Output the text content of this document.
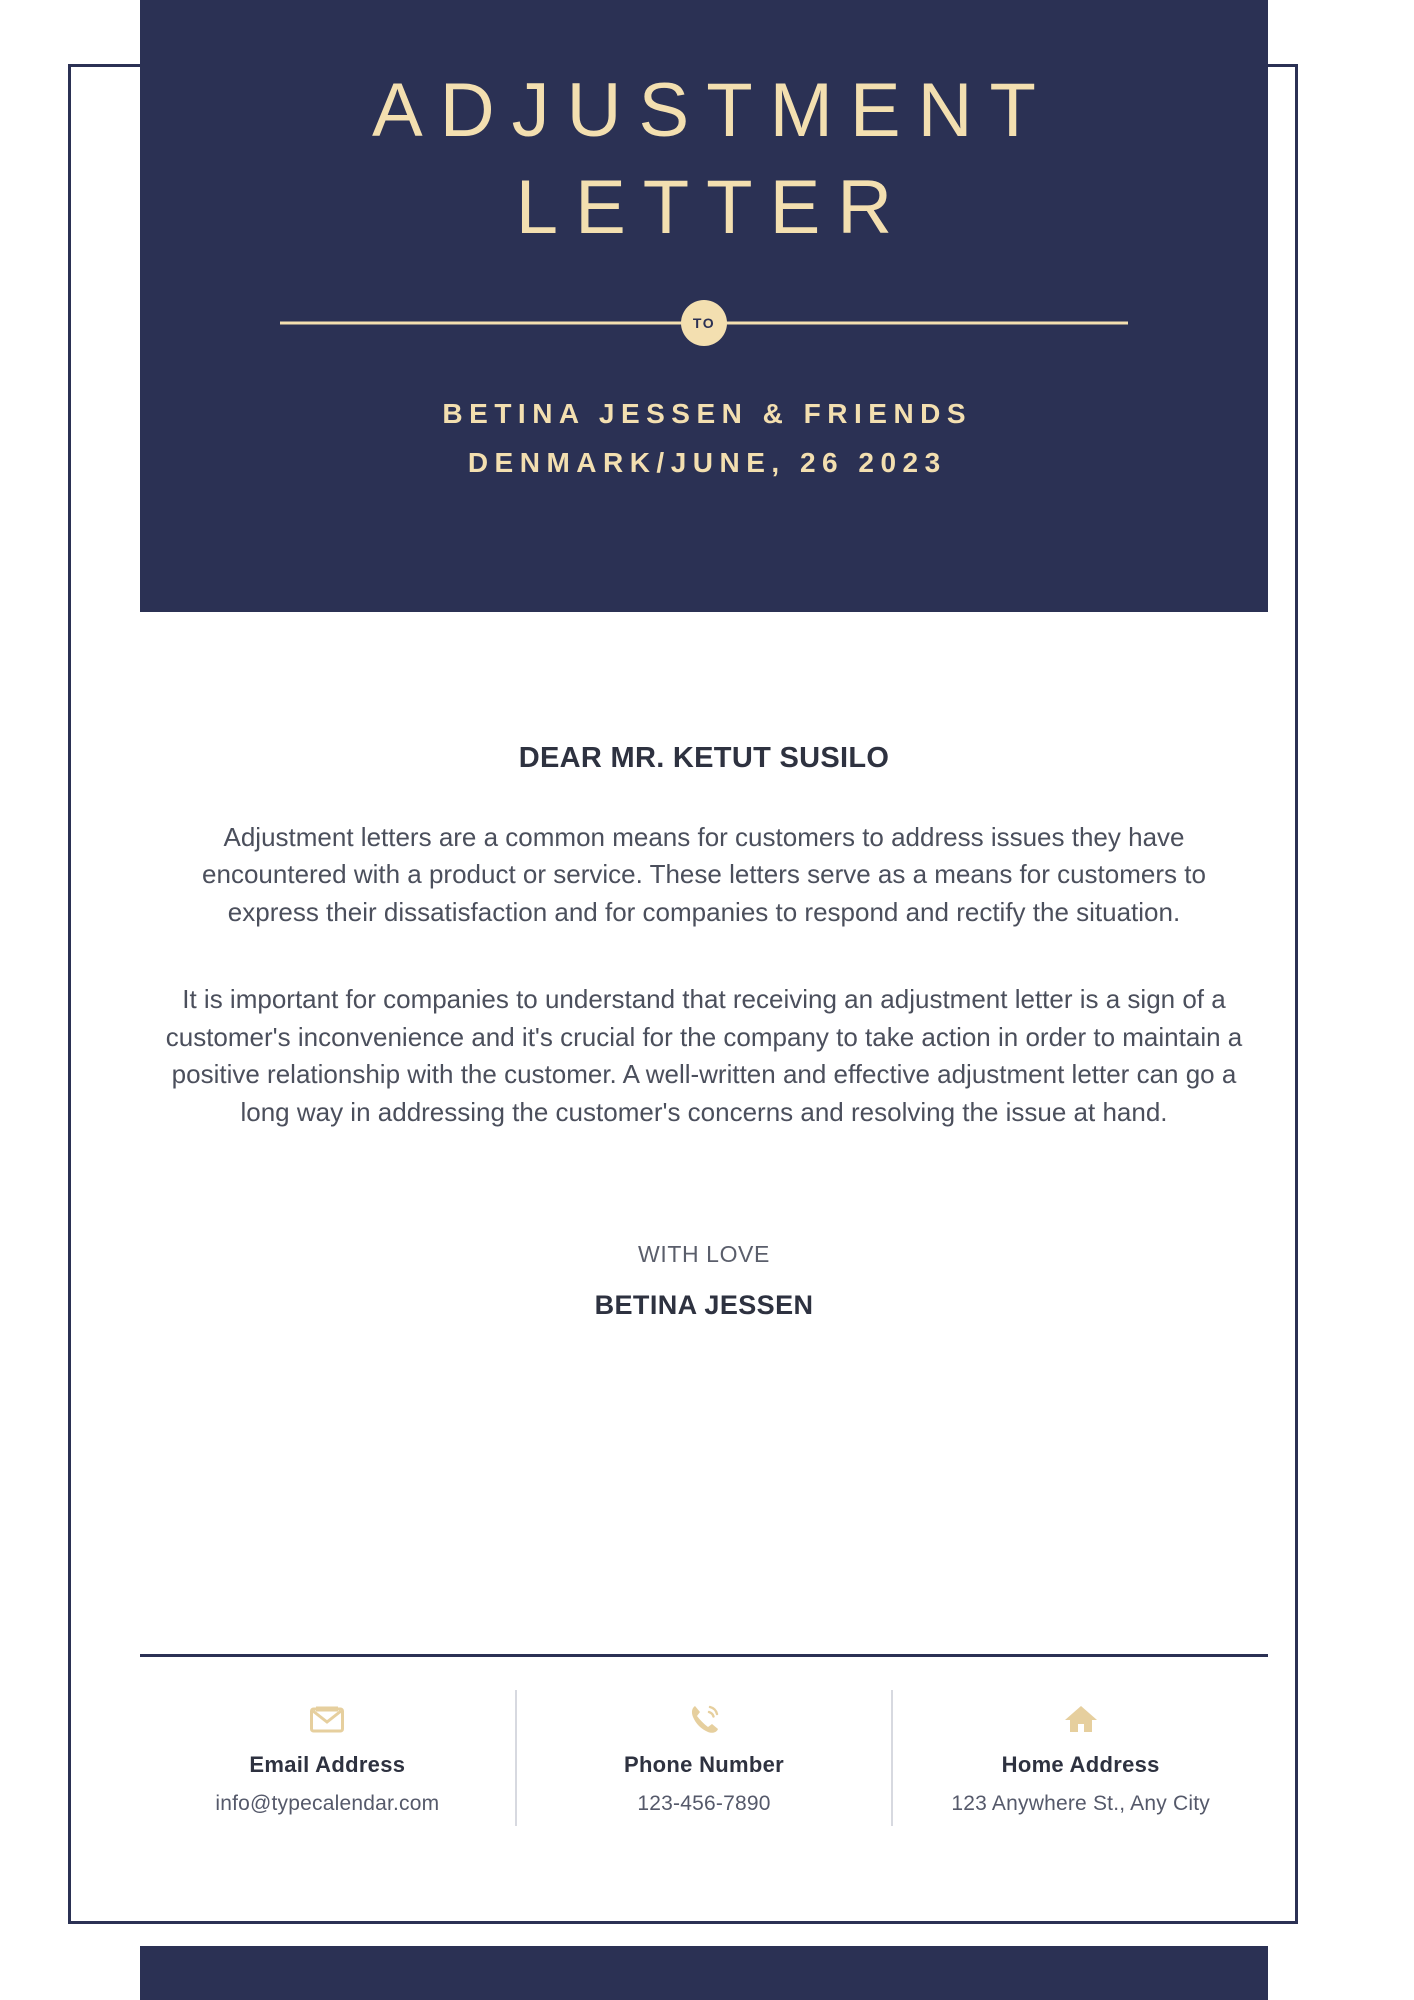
ADJUSTMENT
LETTER
TO
BETINA JESSEN & FRIENDS
DENMARK/JUNE, 26 2023
DEAR MR. KETUT SUSILO
Adjustment letters are a common means for customers to address issues they have encountered with a product or service. These letters serve as a means for customers to express their dissatisfaction and for companies to respond and rectify the situation.
It is important for companies to understand that receiving an adjustment letter is a sign of a customer's inconvenience and it's crucial for the company to take action in order to maintain a positive relationship with the customer. A well-written and effective adjustment letter can go a long way in addressing the customer's concerns and resolving the issue at hand.
WITH LOVE
BETINA JESSEN
Email Address
info@typecalendar.com
Phone Number
123-456-7890
Home Address
123 Anywhere St., Any City
